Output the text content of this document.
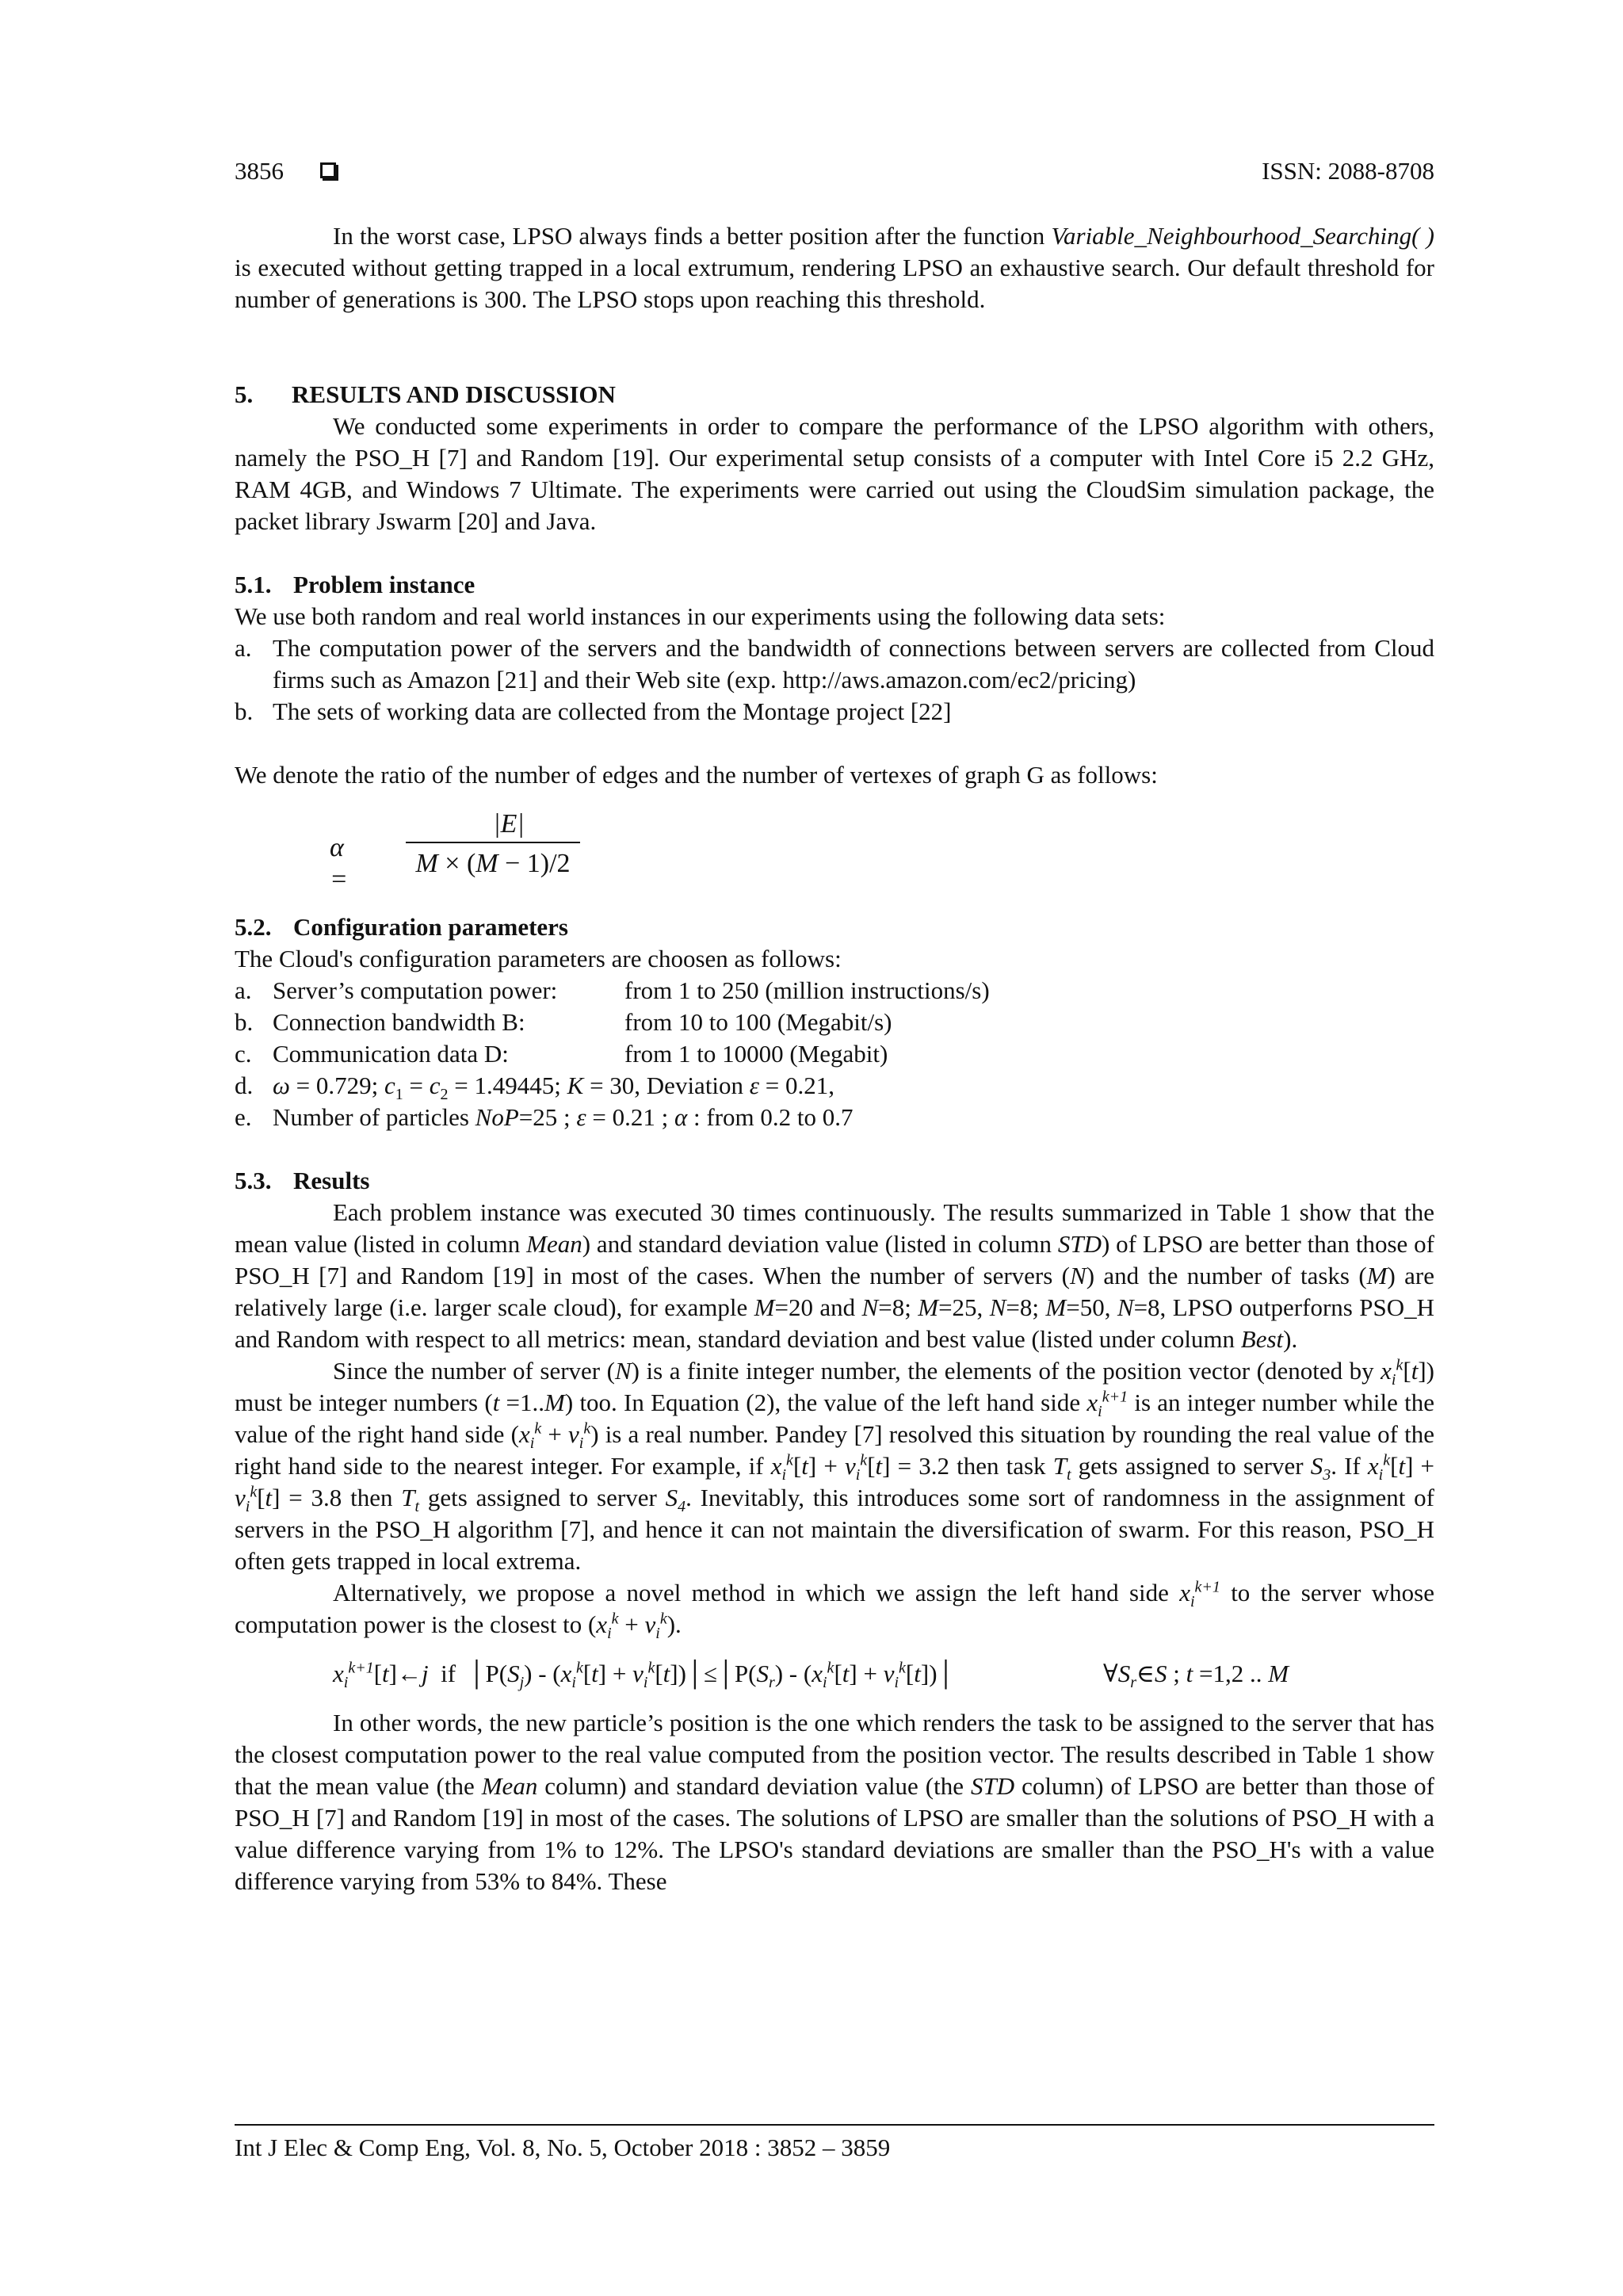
3856	ISSN: 2088-8708

In the worst case, LPSO always finds a better position after the function Variable_Neighbourhood_Searching( ) is executed without getting trapped in a local extrumum, rendering LPSO an exhaustive search. Our default threshold for number of generations is 300. The LPSO stops upon reaching this threshold.

5. RESULTS AND DISCUSSION

We conducted some experiments in order to compare the performance of the LPSO algorithm with others, namely the PSO_H [7] and Random [19]. Our experimental setup consists of a computer with Intel Core i5 2.2 GHz, RAM 4GB, and Windows 7 Ultimate. The experiments were carried out using the CloudSim simulation package, the packet library Jswarm [20] and Java.

5.1. Problem instance

We use both random and real world instances in our experiments using the following data sets:

a. The computation power of the servers and the bandwidth of connections between servers are collected from Cloud firms such as Amazon [21] and their Web site (exp. http://aws.amazon.com/ec2/pricing)
b. The sets of working data are collected from the Montage project [22]

We denote the ratio of the number of edges and the number of vertexes of graph G as follows:

α =
|E|
M × (M − 1)/2
5.2. Configuration parameters

The Cloud's configuration parameters are choosen as follows:

a. Server’s computation power:	from 1 to 250 (million instructions/s)
b. Connection bandwidth B:	from 10 to 100 (Megabit/s)
c. Communication data D:	from 1 to 10000 (Megabit)
d. ω = 0.729; $c_1 = c_2 = 1.49445$; K = 30, Deviation ε = 0.21,
e. Number of particles NoP=25 ; ε = 0.21 ; α : from 0.2 to 0.7
5.3. Results

Each problem instance was executed 30 times continuously. The results summarized in Table 1 show that the mean value (listed in column Mean) and standard deviation value (listed in column STD) of LPSO are better than those of PSO_H [7] and Random [19] in most of the cases. When the number of servers (N) and the number of tasks (M) are relatively large (i.e. larger scale cloud), for example M=20 and N=8; M=25, N=8; M=50, N=8, LPSO outperforns PSO_H and Random with respect to all metrics: mean, standard deviation and best value (listed under column Best).

Since the number of server (N) is a finite integer number, the elements of the position vector (denoted by $x_i^k[t]$) must be integer numbers (t =1..M) too. In Equation (2), the value of the left hand side $x_i^{k+1}$ is an integer number while the value of the right hand side $(x_i^k + v_i^k)$ is a real number. Pandey [7] resolved this situation by rounding the real value of the right hand side to the nearest integer. For example, if $x_i^k[t] + v_i^k[t] = 3.2$ then task $T_t$ gets assigned to server $S_3$. If $x_i^k[t] + v_i^k[t] = 3.8$ then $T_t$ gets assigned to server $S_4$. Inevitably, this introduces some sort of randomness in the assignment of servers in the PSO_H algorithm [7], and hence it can not maintain the diversification of swarm. For this reason, PSO_H often gets trapped in local extrema.

Alternatively, we propose a novel method in which we assign the left hand side $x_i^{k+1}$ to the server whose computation power is the closest to $(x_i^k + v_i^k)$.

$x_i^{k+1}[t]\leftarrow j$  if  $│P(S_j) - (x_i^k[t]$ + $v_i^k[t])│\le│P(S_r) - (x_i^k[t]$ + $v_i^k[t])│$	$\forall S_r\in S$ ; t =1,2 .. M

In other words, the new particle’s position is the one which renders the task to be assigned to the server that has the closest computation power to the real value computed from the position vector. The results described in Table 1 show that the mean value (the Mean column) and standard deviation value (the STD column) of LPSO are better than those of PSO_H [7] and Random [19] in most of the cases. The solutions of LPSO are smaller than the solutions of PSO_H with a value difference varying from 1% to 12%. The LPSO's standard deviations are smaller than the PSO_H's with a value difference varying from 53% to 84%. These

Int J Elec & Comp Eng, Vol. 8, No. 5, October 2018 : 3852 – 3859
